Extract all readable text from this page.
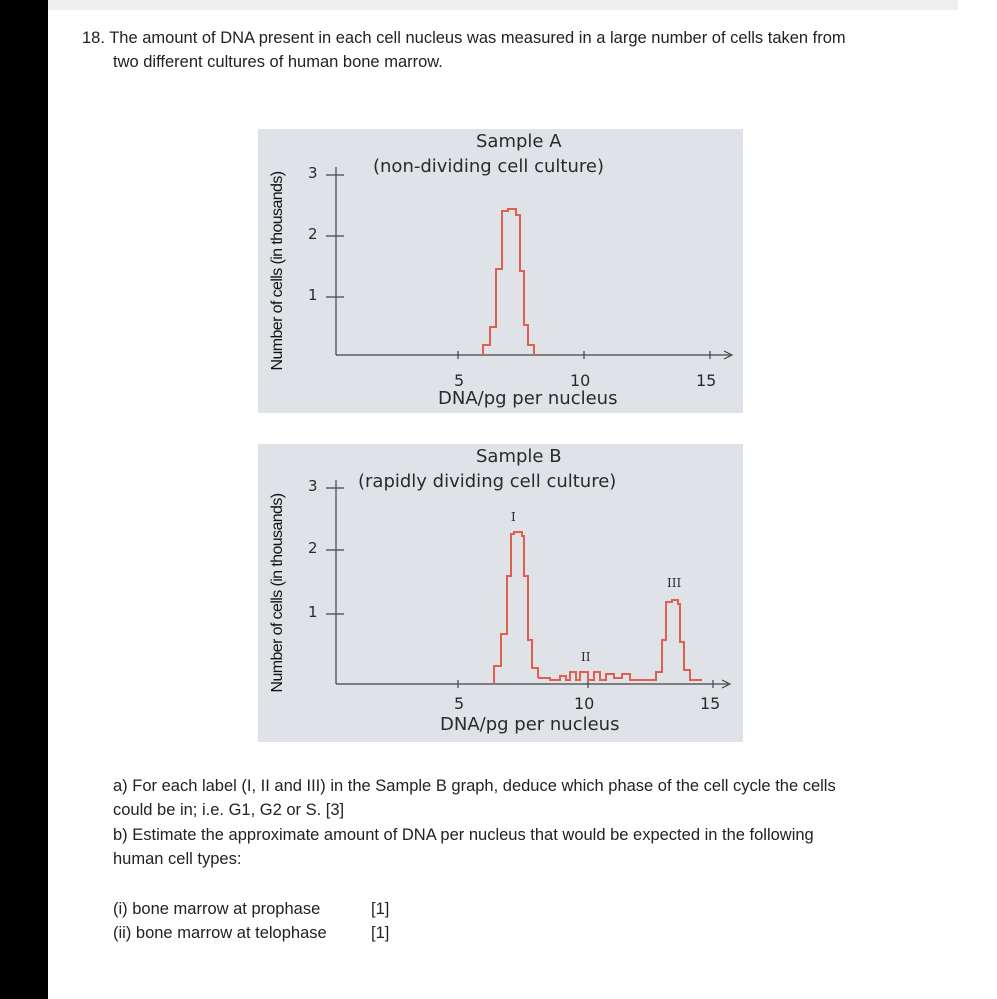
18. The amount of DNA present in each cell nucleus was measured in a large number of cells taken from
two different cultures of human bone marrow.
Number of cells (in thousands)
Sample A
(non-dividing cell culture)
3
2
1
5	10	15
DNA/pg per nucleus
Number of cells (in thousands)
Sample B
(rapidly dividing cell culture)
3
2
1
I
II
III
5	10	15
DNA/pg per nucleus
a) For each label (I, II and III) in the Sample B graph, deduce which phase of the cell cycle the cells
could be in; i.e. G1, G2 or S. [3]
b) Estimate the approximate amount of DNA per nucleus that would be expected in the following
human cell types:
(i) bone marrow at prophase	[1]
(ii) bone marrow at telophase	[1]
